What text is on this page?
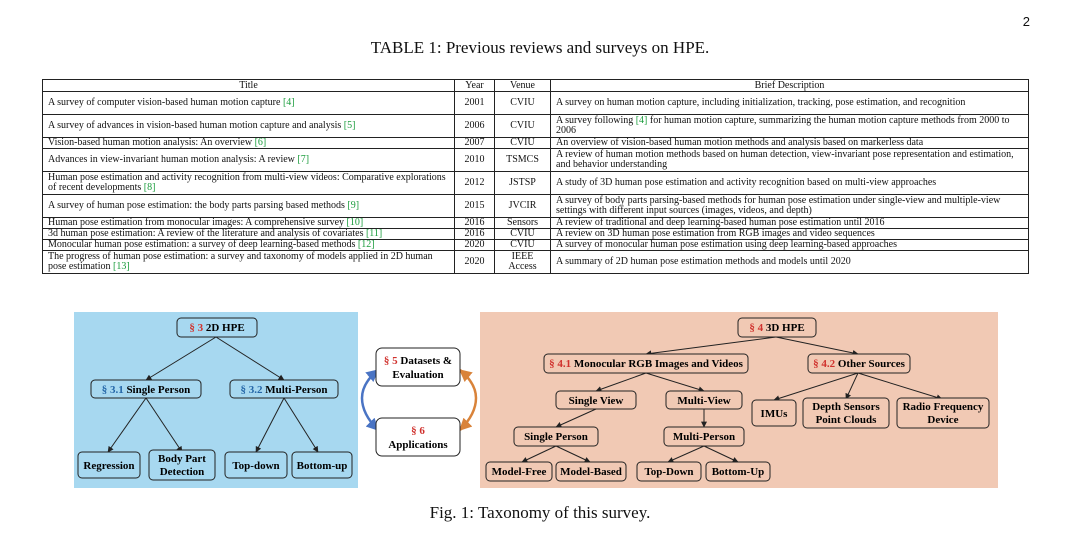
2
TABLE 1: Previous reviews and surveys on HPE.
Title	Year	Venue	Brief Description
A survey of computer vision-based human motion capture [4]	2001	CVIU	A survey on human motion capture, including initialization, tracking, pose estimation, and recognition
A survey of advances in vision-based human motion capture and analysis [5]	2006	CVIU	A survey following [4] for human motion capture, summarizing the human motion capture methods from 2000 to 2006
Vision-based human motion analysis: An overview [6]	2007	CVIU	An overview of vision-based human motion methods and analysis based on markerless data
Advances in view-invariant human motion analysis: A review [7]	2010	TSMCS	A review of human motion methods based on human detection, view-invariant pose representation and estimation, and behavior understanding
Human pose estimation and activity recognition from multi-view videos: Comparative explorations of recent developments [8]	2012	JSTSP	A study of 3D human pose estimation and activity recognition based on multi-view approaches
A survey of human pose estimation: the body parts parsing based methods [9]	2015	JVCIR	A survey of body parts parsing-based methods for human pose estimation under single-view and multiple-view settings with different input sources (images, videos, and depth)
Human pose estimation from monocular images: A comprehensive survey [10]	2016	Sensors	A review of traditional and deep learning-based human pose estimation until 2016
3d human pose estimation: A review of the literature and analysis of covariates [11]	2016	CVIU	A review on 3D human pose estimation from RGB images and video sequences
Monocular human pose estimation: a survey of deep learning-based methods [12]	2020	CVIU	A survey of monocular human pose estimation using deep learning-based approaches
The progress of human pose estimation: a survey and taxonomy of models applied in 2D human pose estimation [13]	2020	IEEE Access	A summary of 2D human pose estimation methods and models until 2020
§ 3 2D HPE
§ 3.1 Single Person	§ 3.2 Multi-Person
Regression
Body Part
Detection	Top-down Bottom-up
§ 5 Datasets &
Evaluation
§ 6
Applications
§ 4 3D HPE
§ 4.1 Monocular RGB Images and Videos	§ 4.2 Other Sources
Single View	Multi-View
IMUs
Depth Sensors
Point Clouds
Radio Frequency
Device
Single Person	Multi-Person
Model-Free Model-Based Top-Down Bottom-Up
Fig. 1: Taxonomy of this survey.
